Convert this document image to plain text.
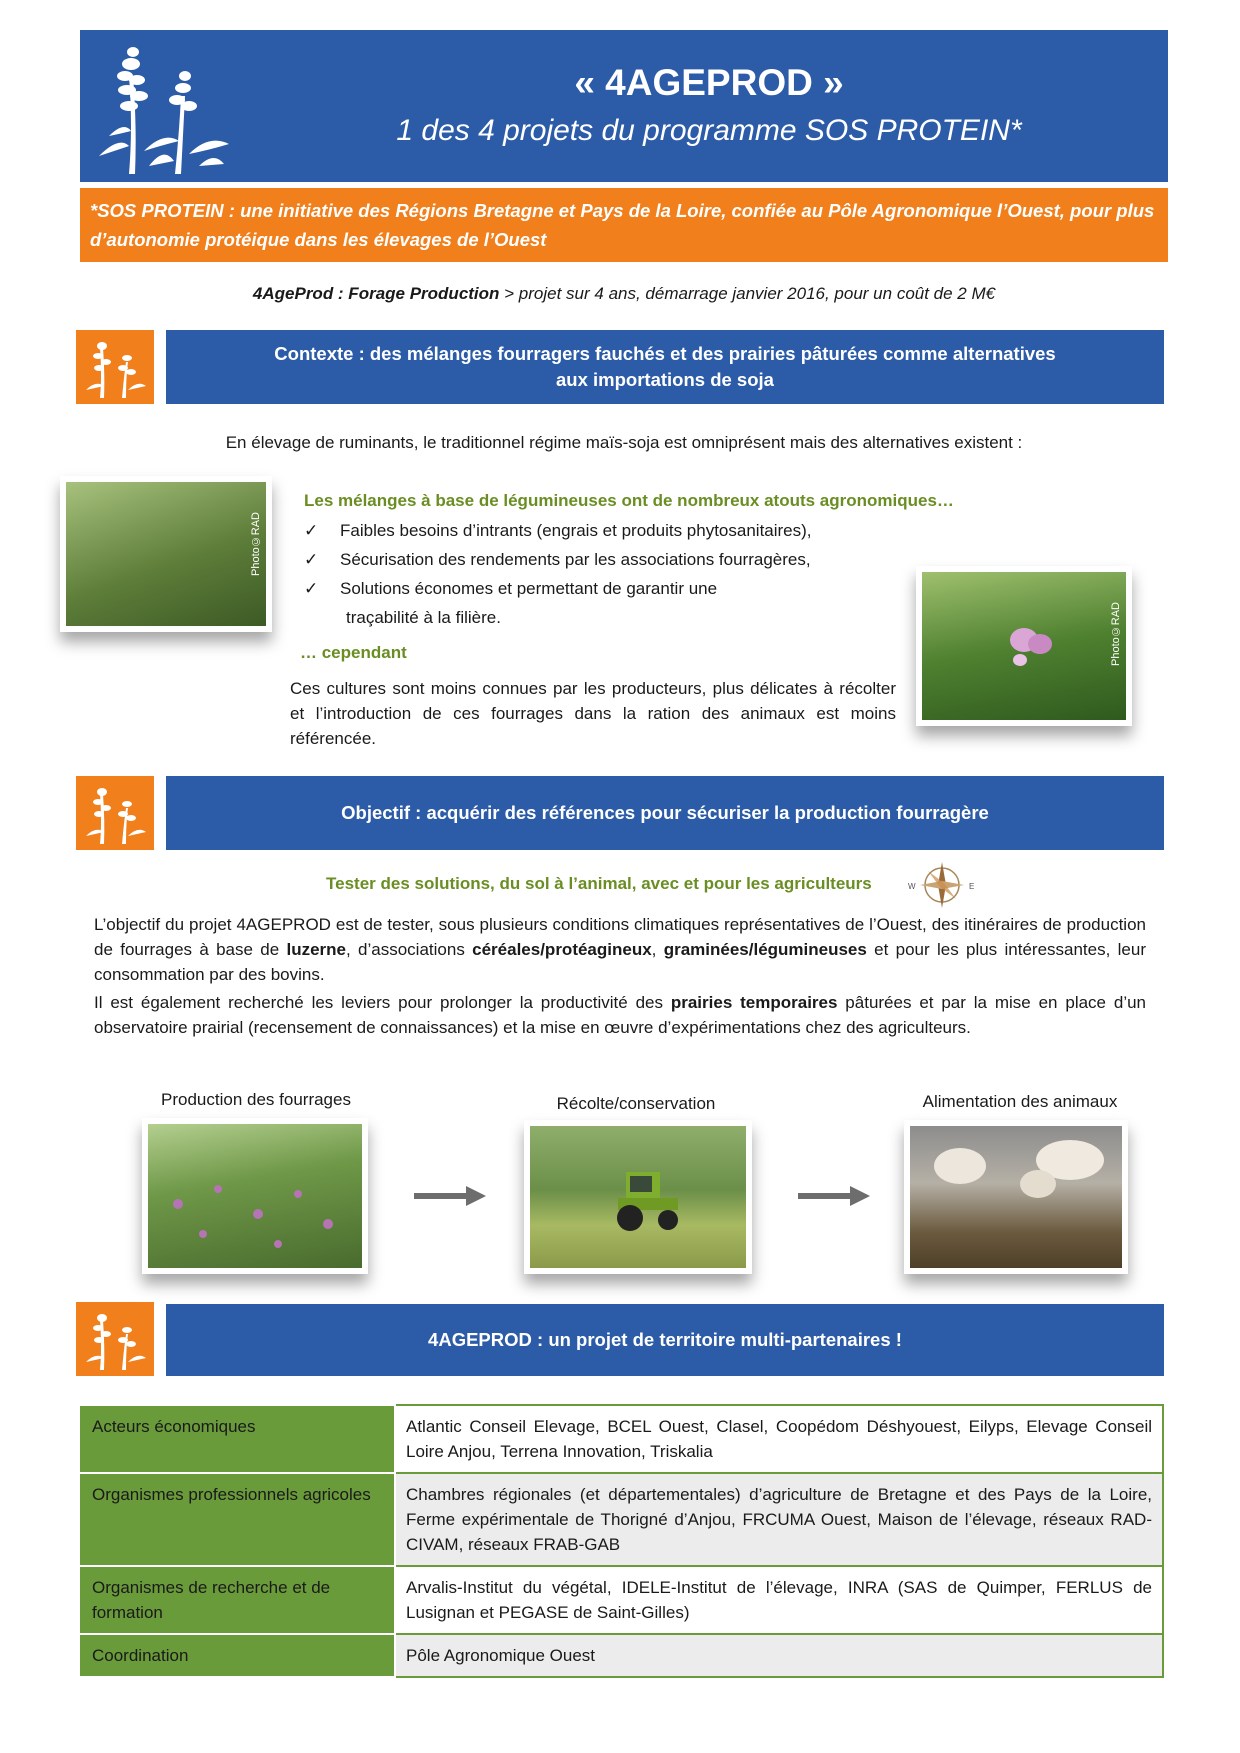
« 4AGEPROD »
1 des 4 projets du programme SOS PROTEIN*
*SOS PROTEIN : une initiative des Régions Bretagne et Pays de la Loire, confiée au Pôle Agronomique l’Ouest, pour plus d’autonomie protéique dans les élevages de l’Ouest
4AgeProd : Forage Production > projet sur 4 ans, démarrage janvier 2016, pour un coût de 2 M€
Contexte : des mélanges fourragers fauchés et des prairies pâturées comme alternatives
aux importations de soja
En élevage de ruminants, le traditionnel régime maïs-soja est omniprésent mais des alternatives existent :
Photo©RAD
Les mélanges à base de légumineuses ont de nombreux atouts agronomiques…
✓	Faibles besoins d’intrants (engrais et produits phytosanitaires),
✓	Sécurisation des rendements par les associations fourragères,
✓	Solutions économes et permettant de garantir une
traçabilité à la filière.
… cependant
Ces cultures sont moins connues par les producteurs, plus délicates à récolter et l’introduction de ces fourrages dans la ration des animaux est moins référencée.
Photo©RAD
Objectif : acquérir des références pour sécuriser la production fourragère
Tester des solutions, du sol à l’animal, avec et pour les agriculteurs	W	E
L’objectif du projet 4AGEPROD est de tester, sous plusieurs conditions climatiques représentatives de l’Ouest, des itinéraires de production de fourrages à base de luzerne, d’associations céréales/protéagineux, graminées/légumineuses et pour les plus intéressantes, leur consommation par des bovins.
Il est également recherché les leviers pour prolonger la productivité des prairies temporaires pâturées et par la mise en place d’un observatoire prairial (recensement de connaissances) et la mise en œuvre d’expérimentations chez des agriculteurs.
Production des fourrages	Récolte/conservation	Alimentation des animaux
4AGEPROD : un projet de territoire multi-partenaires !
Acteurs économiques	Atlantic Conseil Elevage, BCEL Ouest, Clasel, Coopédom Déshyouest, Eilyps, Elevage Conseil Loire Anjou, Terrena Innovation, Triskalia
Organismes professionnels agricoles	Chambres régionales (et départementales) d’agriculture de Bretagne et des Pays de la Loire, Ferme expérimentale de Thorigné d’Anjou, FRCUMA Ouest, Maison de l’élevage, réseaux RAD-CIVAM, réseaux FRAB-GAB
Organismes de recherche et de formation	Arvalis-Institut du végétal, IDELE-Institut de l’élevage, INRA (SAS de Quimper, FERLUS de Lusignan et PEGASE de Saint-Gilles)
Coordination	Pôle Agronomique Ouest
